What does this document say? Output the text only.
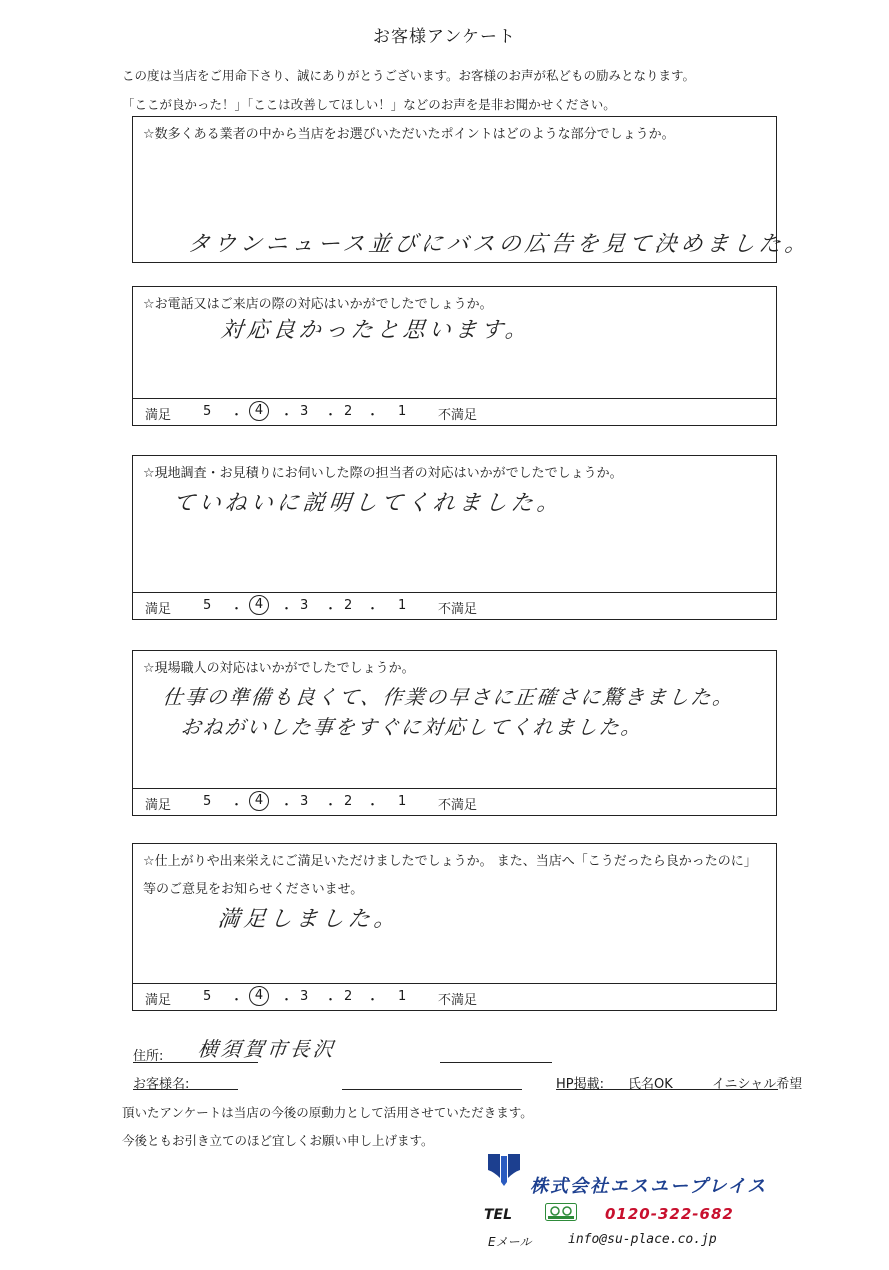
お客様アンケート
この度は当店をご用命下さり、誠にありがとうございます。お客様のお声が私どもの励みとなります。
「ここが良かった！」「ここは改善してほしい！」などのお声を是非お聞かせください。
☆数多くある業者の中から当店をお選びいただいたポイントはどのような部分でしょうか。
タウンニュース並びにバスの広告を見て決めました。
☆お電話又はご来店の際の対応はいかがでしたでしょうか。
対応良かったと思います。
満足 5 ・ 4	・ 3 ・ 2 ・ 1 不満足
☆現地調査・お見積りにお伺いした際の担当者の対応はいかがでしたでしょうか。
ていねいに説明してくれました。
満足 5 ・ 4	・ 3 ・ 2 ・ 1 不満足
☆現場職人の対応はいかがでしたでしょうか。
仕事の準備も良くて、作業の早さに正確さに驚きました。
おねがいした事をすぐに対応してくれました。
満足 5 ・ 4	・ 3 ・ 2 ・ 1 不満足
☆仕上がりや出来栄えにご満足いただけましたでしょうか。 また、当店へ「こうだったら良かったのに」
等のご意見をお知らせくださいませ。
満足しました。
満足 5 ・ 4	・ 3 ・ 2 ・ 1 不満足
住所: 横須賀市長沢
お客様名:	HP掲載: 氏名OK	イニシャル希望
頂いたアンケートは当店の今後の原動力として活用させていただきます。
今後ともお引き立てのほど宜しくお願い申し上げます。
株式会社エスユープレイス
TEL	0120-322-682
Eメール	info@su-place.co.jp
